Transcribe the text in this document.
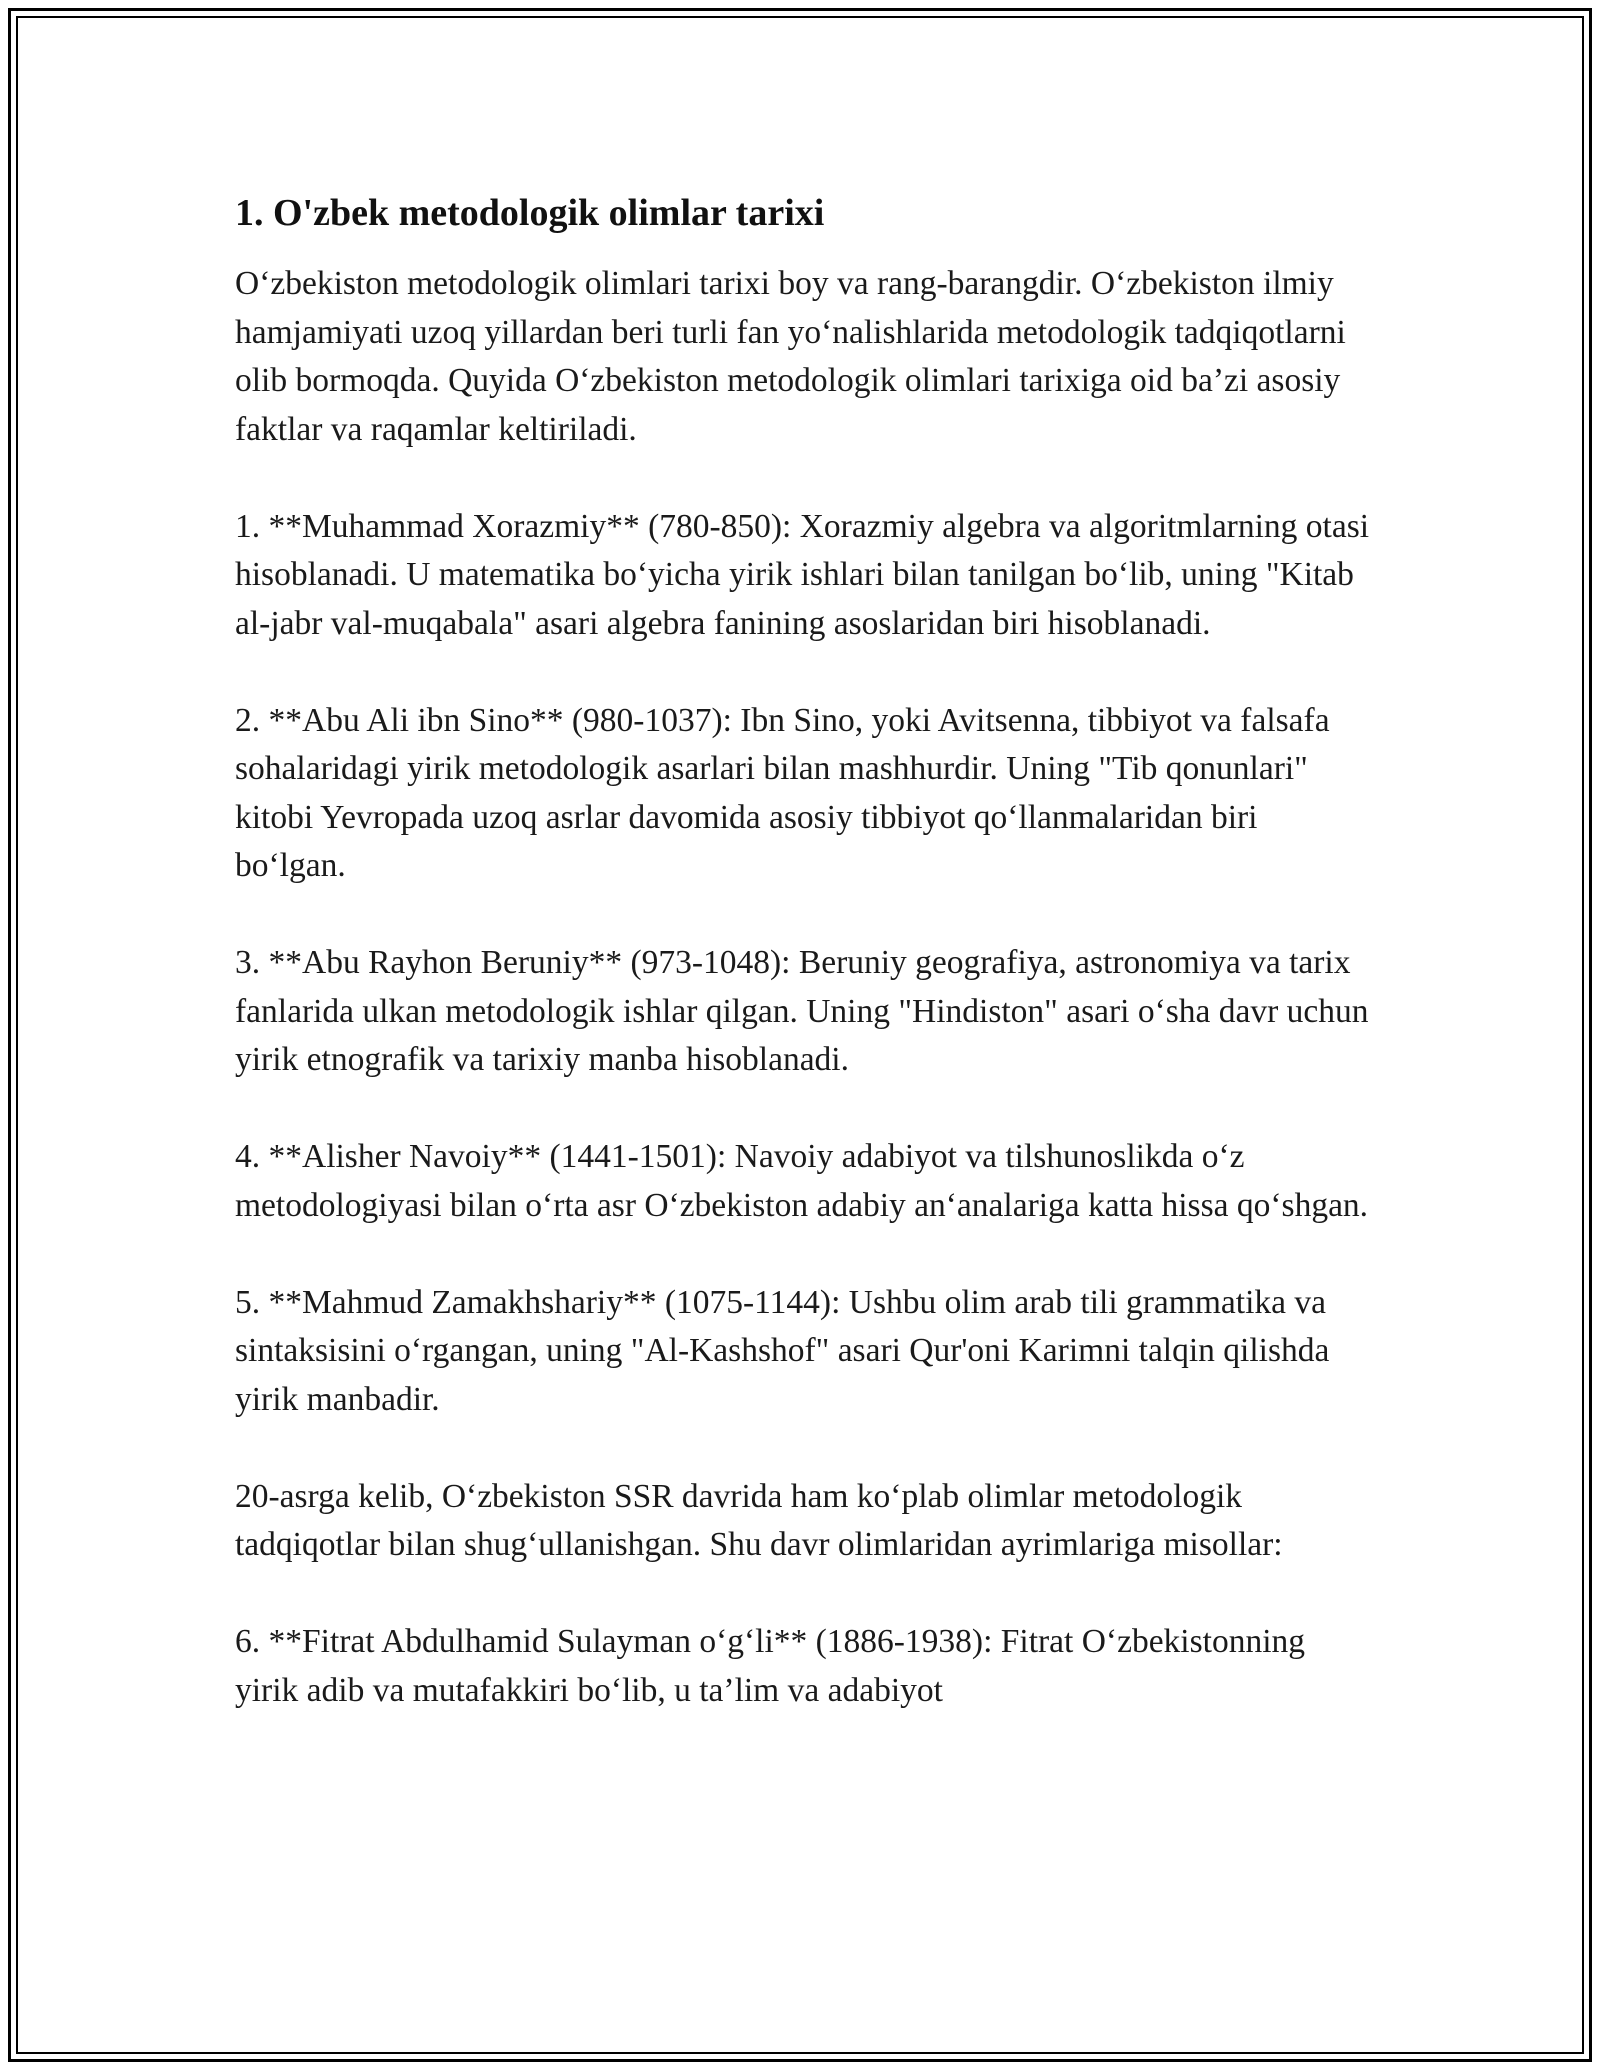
1. O'zbek metodologik olimlar tarixi

O‘zbekiston metodologik olimlari tarixi boy va rang-barangdir. O‘zbekiston ilmiy hamjamiyati uzoq yillardan beri turli fan yo‘nalishlarida metodologik tadqiqotlarni olib bormoqda. Quyida O‘zbekiston metodologik olimlari tarixiga oid ba’zi asosiy faktlar va raqamlar keltiriladi.

1. **Muhammad Xorazmiy** (780-850): Xorazmiy algebra va algoritmlarning otasi hisoblanadi. U matematika bo‘yicha yirik ishlari bilan tanilgan bo‘lib, uning "Kitab al-jabr val-muqabala" asari algebra fanining asoslaridan biri hisoblanadi.

2. **Abu Ali ibn Sino** (980-1037): Ibn Sino, yoki Avitsenna, tibbiyot va falsafa sohalaridagi yirik metodologik asarlari bilan mashhurdir. Uning "Tib qonunlari" kitobi Yevropada uzoq asrlar davomida asosiy tibbiyot qo‘llanmalaridan biri bo‘lgan.

3. **Abu Rayhon Beruniy** (973-1048): Beruniy geografiya, astronomiya va tarix fanlarida ulkan metodologik ishlar qilgan. Uning "Hindiston" asari o‘sha davr uchun yirik etnografik va tarixiy manba hisoblanadi.

4. **Alisher Navoiy** (1441-1501): Navoiy adabiyot va tilshunoslikda o‘z metodologiyasi bilan o‘rta asr O‘zbekiston adabiy an‘analariga katta hissa qo‘shgan.

5. **Mahmud Zamakhshariy** (1075-1144): Ushbu olim arab tili grammatika va sintaksisini o‘rgangan, uning "Al-Kashshof" asari Qur'oni Karimni talqin qilishda yirik manbadir.

20-asrga kelib, O‘zbekiston SSR davrida ham ko‘plab olimlar metodologik tadqiqotlar bilan shug‘ullanishgan. Shu davr olimlaridan ayrimlariga misollar:

6. **Fitrat Abdulhamid Sulayman o‘g‘li** (1886-1938): Fitrat O‘zbekistonning yirik adib va mutafakkiri bo‘lib, u ta’lim va adabiyot
